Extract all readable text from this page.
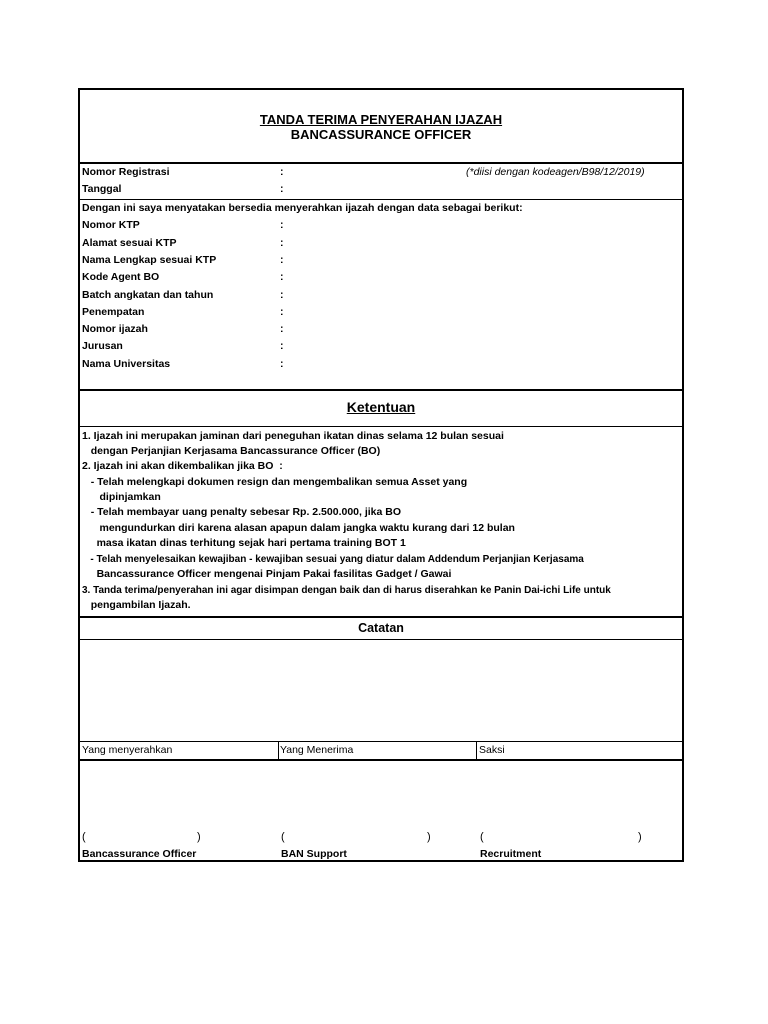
TANDA TERIMA PENYERAHAN IJAZAH
BANCASSURANCE OFFICER
Nomor Registrasi	:	(*diisi dengan kodeagen/B98/12/2019)
Tanggal	:
Dengan ini saya menyatakan bersedia menyerahkan ijazah dengan data sebagai berikut:
Nomor KTP	:
Alamat sesuai KTP	:
Nama Lengkap sesuai KTP	:
Kode Agent BO	:
Batch angkatan dan tahun	:
Penempatan	:
Nomor ijazah	:
Jurusan	:
Nama Universitas	:
Ketentuan
1. Ijazah ini merupakan jaminan dari peneguhan ikatan dinas selama 12 bulan sesuai
dengan Perjanjian Kerjasama Bancassurance Officer (BO)
2. Ijazah ini akan dikembalikan jika BO  :
- Telah melengkapi dokumen resign dan mengembalikan semua Asset yang
dipinjamkan
- Telah membayar uang penalty sebesar Rp. 2.500.000, jika BO
mengundurkan diri karena alasan apapun dalam jangka waktu kurang dari 12 bulan
masa ikatan dinas terhitung sejak hari pertama training BOT 1
- Telah menyelesaikan kewajiban - kewajiban sesuai yang diatur dalam Addendum Perjanjian Kerjasama
Bancassurance Officer mengenai Pinjam Pakai fasilitas Gadget / Gawai
3. Tanda terima/penyerahan ini agar disimpan dengan baik dan di harus diserahkan ke Panin Dai-ichi Life untuk
pengambilan Ijazah.
Catatan
Yang menyerahkan	Yang Menerima	Saksi
(	)	(	)	(	)
Bancassurance Officer	BAN Support	Recruitment
